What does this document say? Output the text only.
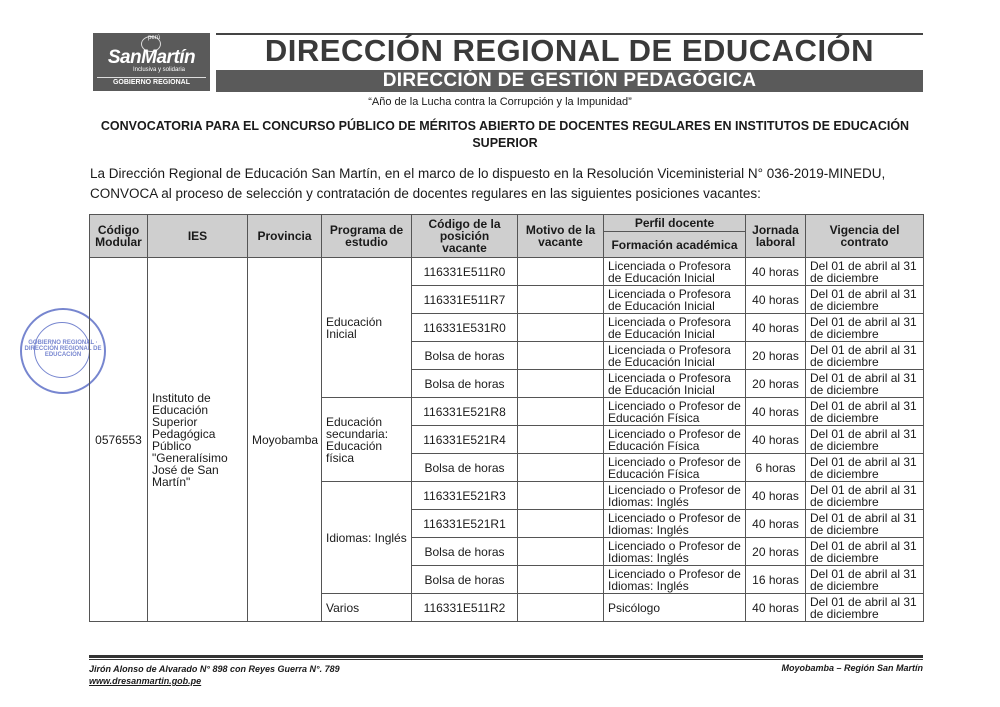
perú
SanMartín
Inclusiva y solidaria
GOBIERNO REGIONAL
DIRECCIÓN REGIONAL DE EDUCACIÓN
DIRECCIÓN DE GESTIÓN PEDAGÓGICA
“Año de la Lucha contra la Corrupción y la Impunidad”
CONVOCATORIA PARA EL CONCURSO PÚBLICO DE MÉRITOS ABIERTO DE DOCENTES REGULARES EN INSTITUTOS DE EDUCACIÓN SUPERIOR
La Dirección Regional de Educación San Martín, en el marco de lo dispuesto en la Resolución Viceministerial N° 036-2019-MINEDU, CONVOCA al proceso de selección y contratación de docentes regulares en las siguientes posiciones vacantes:
GOBIERNO REGIONAL · DIRECCIÓN REGIONAL DE EDUCACIÓN
Código Modular	IES	Provincia	Programa de estudio	Código de la posición vacante	Motivo de la vacante	Perfil docente	Jornada laboral	Vigencia del contrato
						Formación académica		
0576553	Instituto de Educación Superior Pedagógica Público "Generalísimo José de San Martín"	Moyobamba	Educación Inicial	116331E511R0		Licenciada o Profesora de Educación Inicial	40 horas	Del 01 de abril al 31 de diciembre
				116331E511R7		Licenciada o Profesora de Educación Inicial	40 horas	Del 01 de abril al 31 de diciembre
				116331E531R0		Licenciada o Profesora de Educación Inicial	40 horas	Del 01 de abril al 31 de diciembre
				Bolsa de horas		Licenciada o Profesora de Educación Inicial	20 horas	Del 01 de abril al 31 de diciembre
				Bolsa de horas		Licenciada o Profesora de Educación Inicial	20 horas	Del 01 de abril al 31 de diciembre
			Educación secundaria: Educación física	116331E521R8		Licenciado o Profesor de Educación Física	40 horas	Del 01 de abril al 31 de diciembre
				116331E521R4		Licenciado o Profesor de Educación Física	40 horas	Del 01 de abril al 31 de diciembre
				Bolsa de horas		Licenciado o Profesor de Educación Física	6 horas	Del 01 de abril al 31 de diciembre
			Idiomas: Inglés	116331E521R3		Licenciado o Profesor de Idiomas: Inglés	40 horas	Del 01 de abril al 31 de diciembre
				116331E521R1		Licenciado o Profesor de Idiomas: Inglés	40 horas	Del 01 de abril al 31 de diciembre
				Bolsa de horas		Licenciado o Profesor de Idiomas: Inglés	20 horas	Del 01 de abril al 31 de diciembre
				Bolsa de horas		Licenciado o Profesor de Idiomas: Inglés	16 horas	Del 01 de abril al 31 de diciembre
			Varios	116331E511R2		Psicólogo	40 horas	Del 01 de abril al 31 de diciembre
Jirón Alonso de Alvarado N° 898 con Reyes Guerra N°. 789
www.dresanmartin.gob.pe
Moyobamba – Región San Martín
